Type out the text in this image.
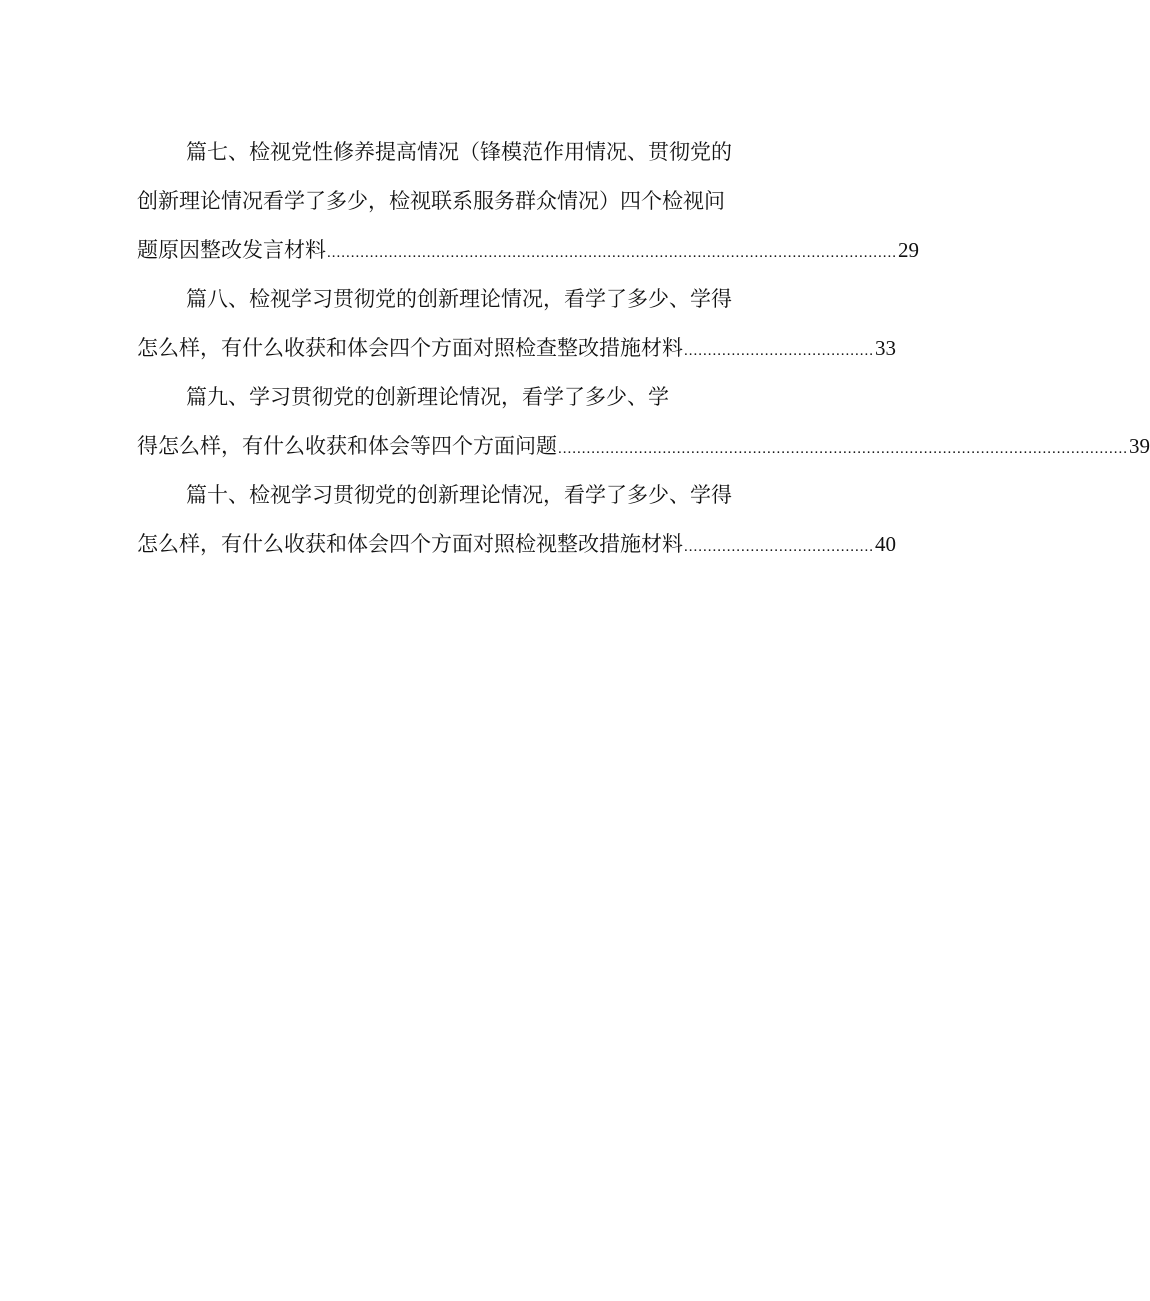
篇七、检视党性修养提高情况（锋模范作用情况、贯彻党的
创新理论情况看学了多少，检视联系服务群众情况）四个检视问
题原因整改发言材料 ........................................................................................................................ 29
篇八、检视学习贯彻党的创新理论情况，看学了多少、学得
怎么样，有什么收获和体会四个方面对照检查整改措施材料 ........................................ 33
篇九、学习贯彻党的创新理论情况，看学了多少、学
得怎么样，有什么收获和体会等四个方面问题 ........................................................................................................................ 39
篇十、检视学习贯彻党的创新理论情况，看学了多少、学得
怎么样，有什么收获和体会四个方面对照检视整改措施材料 ........................................ 40
